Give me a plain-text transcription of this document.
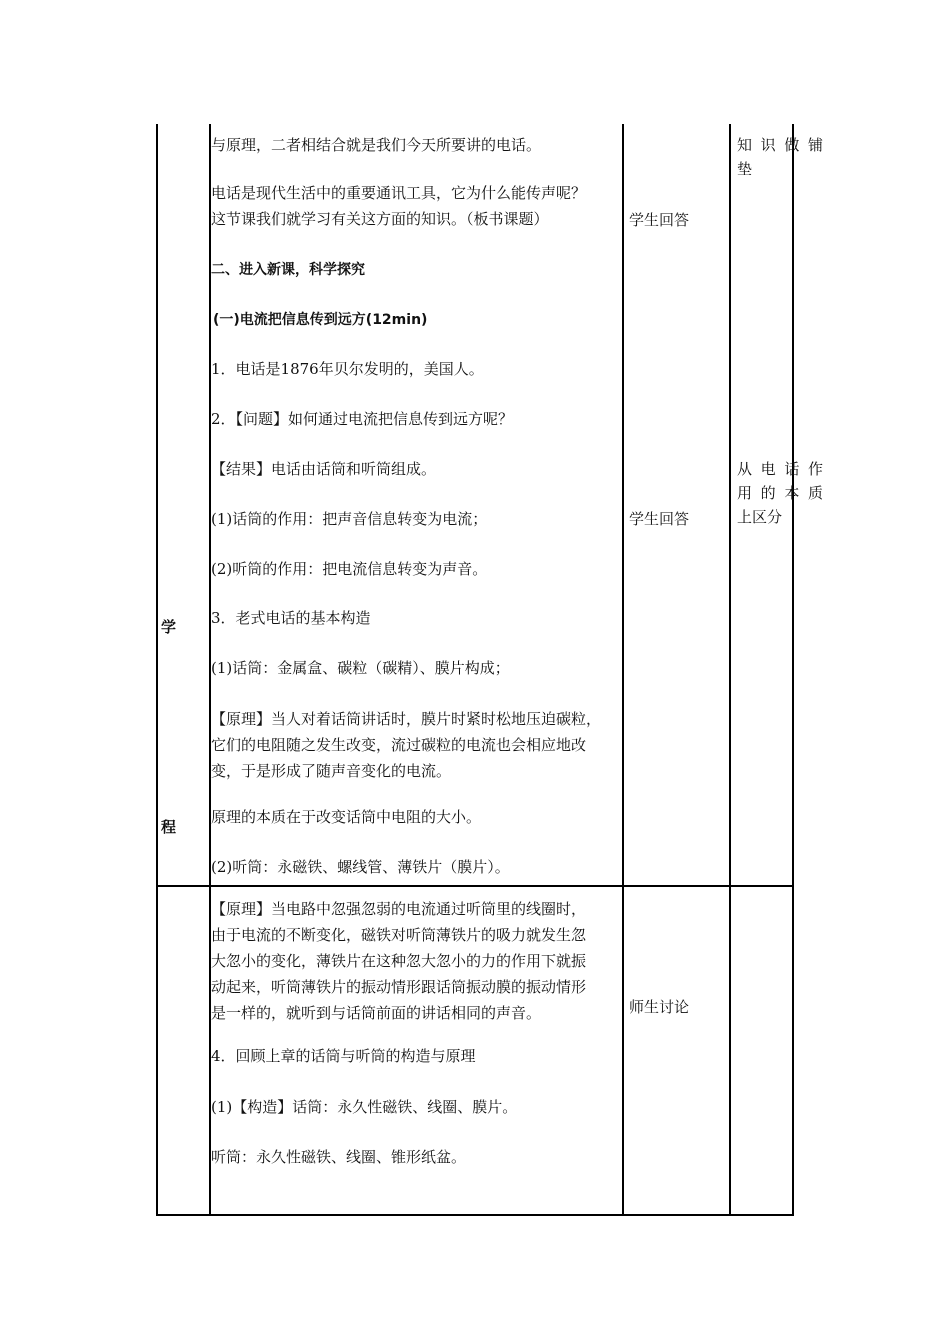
学
程
与原理，二者相结合就是我们今天所要讲的电话。
电话是现代生活中的重要通讯工具，它为什么能传声呢？
这节课我们就学习有关这方面的知识。（板书课题）
二、进入新课，科学探究
(一)电流把信息传到远方(12min)
1．电话是1876年贝尔发明的，美国人。
2．【问题】如何通过电流把信息传到远方呢？
【结果】电话由话筒和听筒组成。
(1)话筒的作用：把声音信息转变为电流；
(2)听筒的作用：把电流信息转变为声音。
3．老式电话的基本构造
(1)话筒：金属盒、碳粒（碳精）、膜片构成；
【原理】当人对着话筒讲话时，膜片时紧时松地压迫碳粒，
它们的电阻随之发生改变，流过碳粒的电流也会相应地改
变，于是形成了随声音变化的电流。
原理的本质在于改变话筒中电阻的大小。
(2)听筒：永磁铁、螺线管、薄铁片（膜片）。
学生回答
学生回答
知识做铺
垫
从电话作
用的本质
上区分
【原理】当电路中忽强忽弱的电流通过听筒里的线圈时，
由于电流的不断变化，磁铁对听筒薄铁片的吸力就发生忽
大忽小的变化，薄铁片在这种忽大忽小的力的作用下就振
动起来，听筒薄铁片的振动情形跟话筒振动膜的振动情形
是一样的，就听到与话筒前面的讲话相同的声音。
4．回顾上章的话筒与听筒的构造与原理
(1)【构造】话筒：永久性磁铁、线圈、膜片。
听筒：永久性磁铁、线圈、锥形纸盆。
师生讨论
